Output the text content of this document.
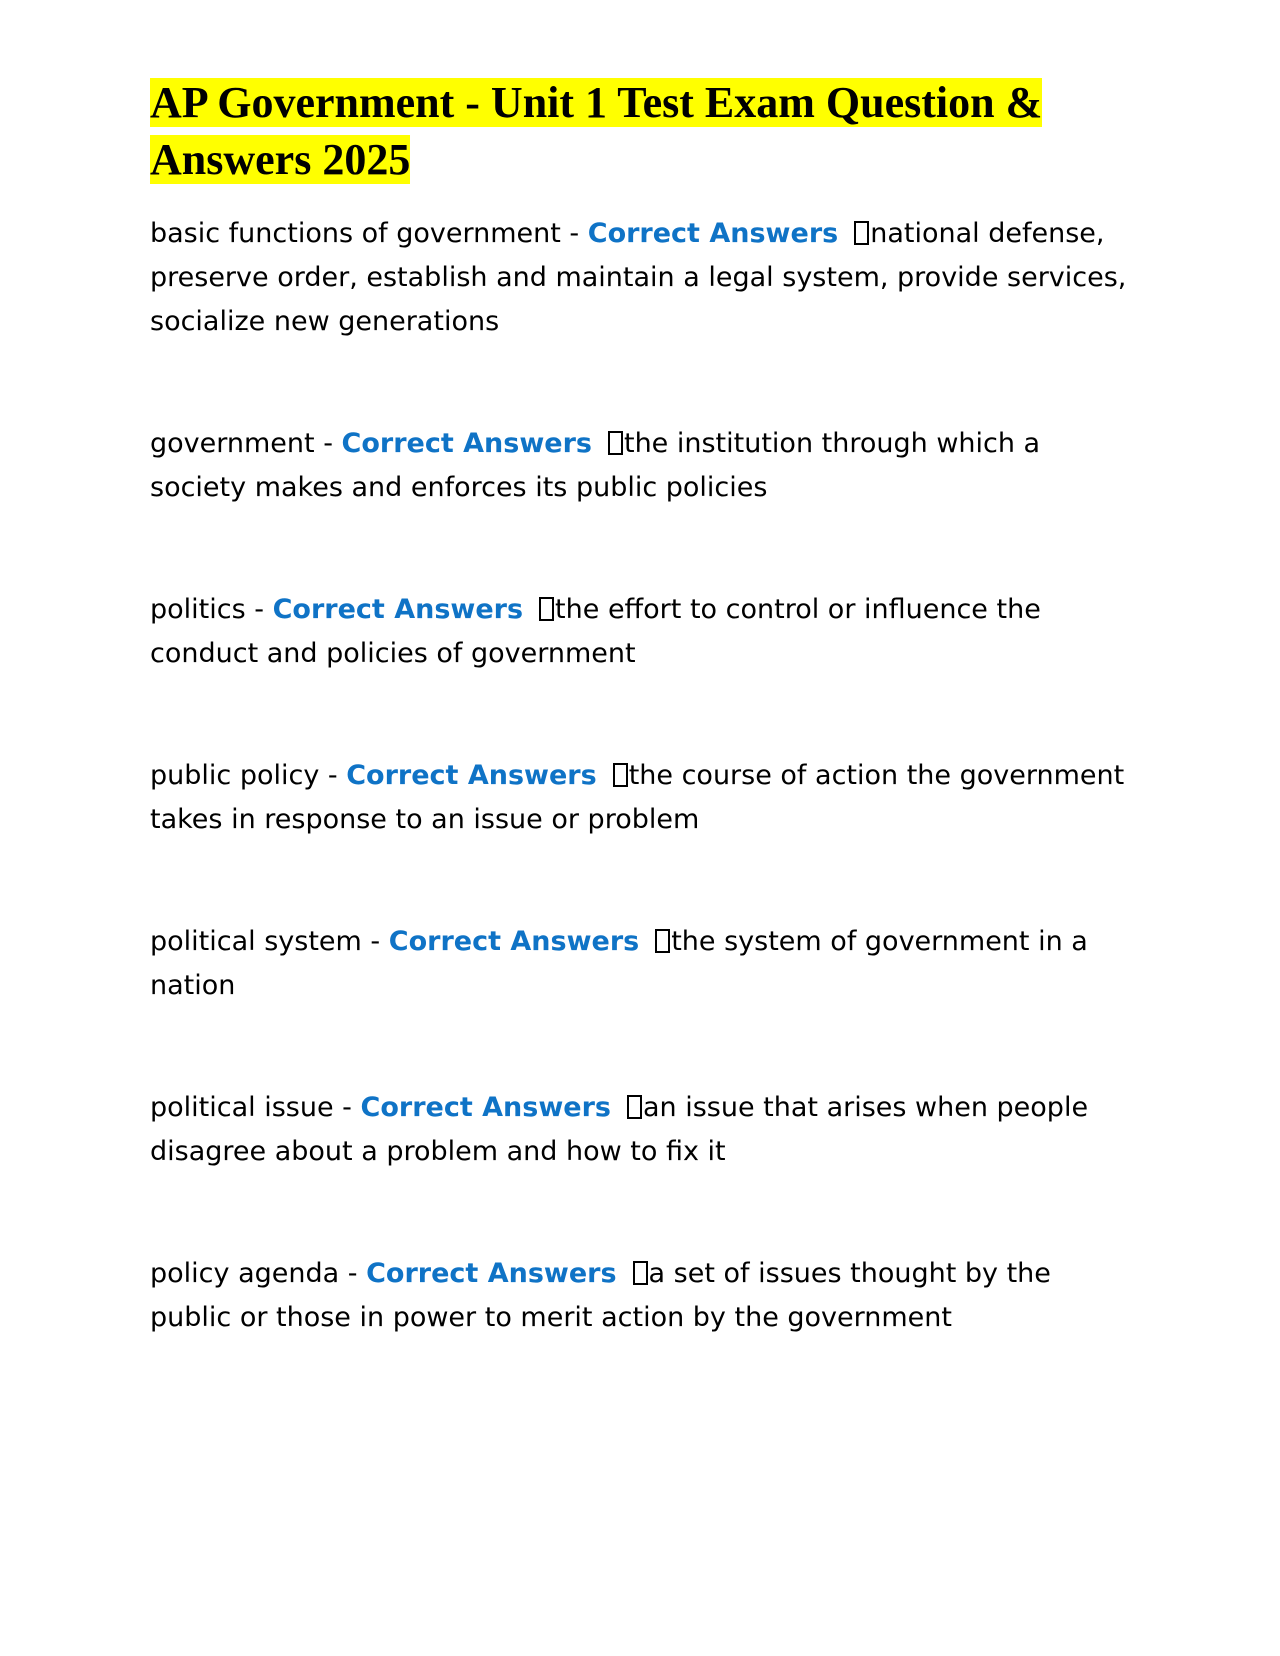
AP Government - Unit 1 Test Exam Question & Answers 2025

basic functions of government - Correct Answers national defense, preserve order, establish and maintain a legal system, provide services, socialize new generations

government - Correct Answers the institution through which a society makes and enforces its public policies

politics - Correct Answers the effort to control or influence the conduct and policies of government

public policy - Correct Answers the course of action the government takes in response to an issue or problem

political system - Correct Answers the system of government in a nation

political issue - Correct Answers an issue that arises when people disagree about a problem and how to fix it

policy agenda - Correct Answers a set of issues thought by the public or those in power to merit action by the government
